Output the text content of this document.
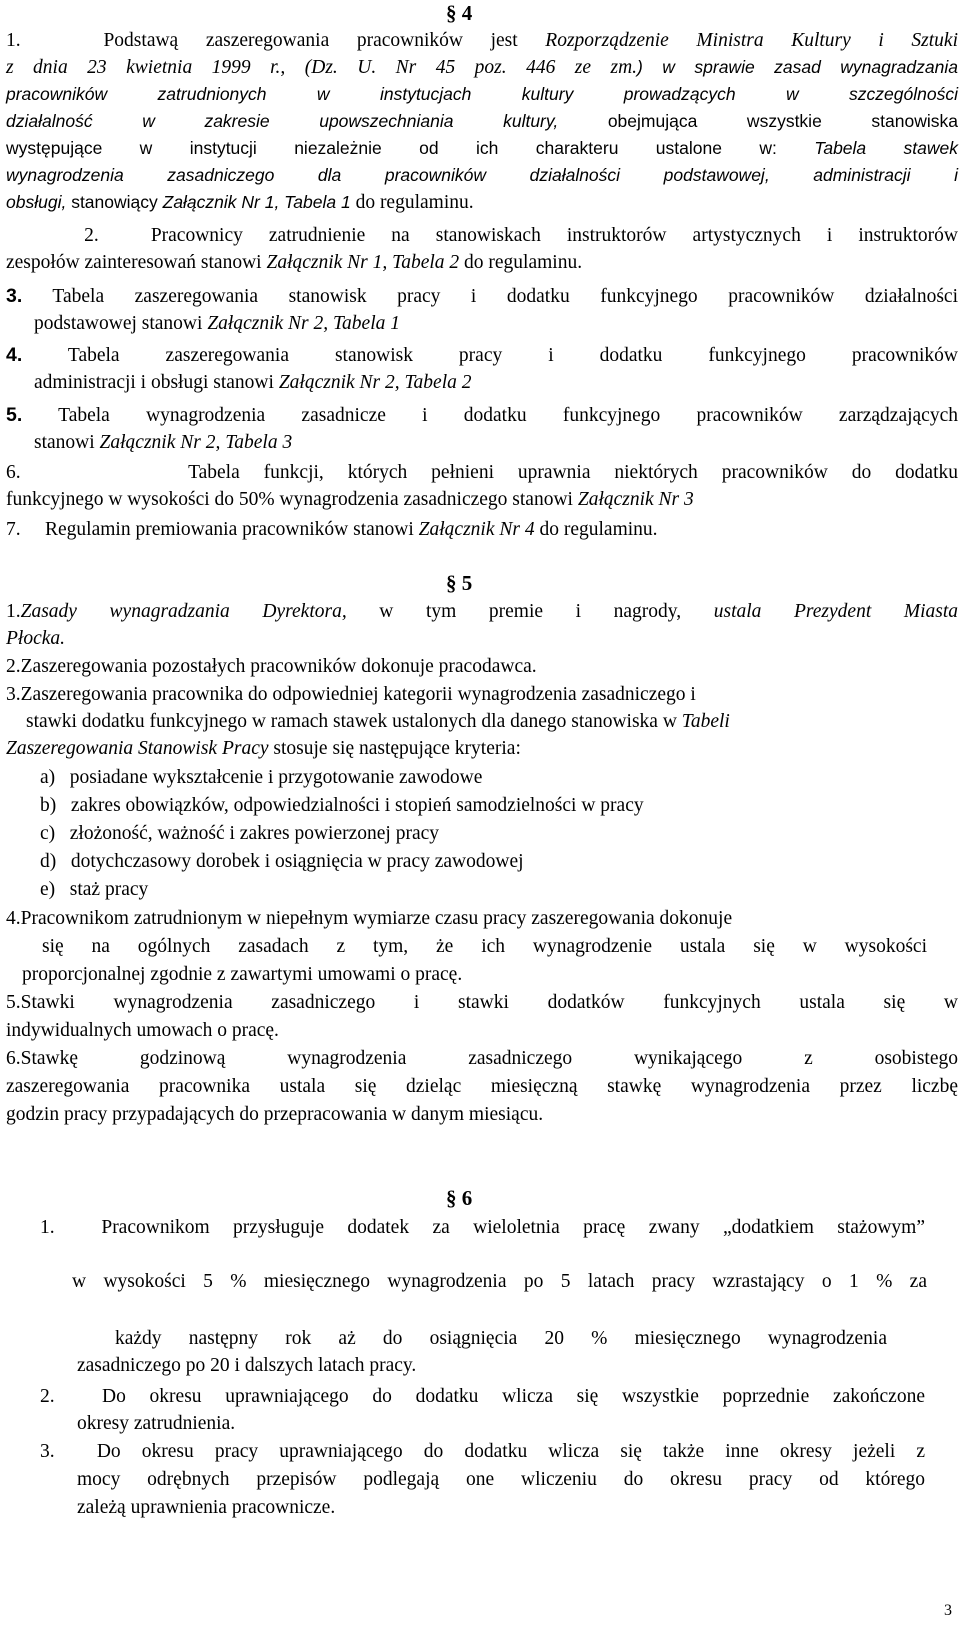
§ 4
1.   Podstawą zaszeregowania pracowników jest Rozporządzenie Ministra Kultury i Sztuki
z dnia 23 kwietnia 1999 r., (Dz. U. Nr 45 poz. 446 ze zm.) w sprawie zasad wynagradzania
pracowników zatrudnionych w instytucjach kultury prowadzących w szczególności
działalność w zakresie upowszechniania kultury, obejmująca wszystkie stanowiska
występujące w instytucji niezależnie od ich charakteru ustalone w: Tabela stawek
wynagrodzenia zasadniczego dla pracowników działalności podstawowej, administracji i
obsługi, stanowiący Załącznik Nr 1, Tabela 1 do regulaminu.
2.  Pracownicy zatrudnienie na stanowiskach instruktorów artystycznych i instruktorów
zespołów zainteresowań stanowi Załącznik Nr 1, Tabela 2 do regulaminu.
3. Tabela zaszeregowania stanowisk pracy i dodatku funkcyjnego pracowników działalności
podstawowej stanowi Załącznik Nr 2, Tabela 1
4. Tabela zaszeregowania stanowisk pracy i dodatku funkcyjnego pracowników
administracji i obsługi stanowi Załącznik Nr 2, Tabela 2
5. Tabela wynagrodzenia zasadnicze i dodatku funkcyjnego pracowników zarządzających
stanowi Załącznik Nr 2, Tabela 3
6.       Tabela funkcji, których pełnieni uprawnia niektórych pracowników do dodatku
funkcyjnego w wysokości do 50% wynagrodzenia zasadniczego stanowi Załącznik Nr 3
7.     Regulamin premiowania pracowników stanowi Załącznik Nr 4 do regulaminu.
§ 5
1.Zasady wynagradzania Dyrektora, w tym premie i nagrody, ustala Prezydent Miasta
Płocka.
2.Zaszeregowania pozostałych pracowników dokonuje pracodawca.
3.Zaszeregowania pracownika do odpowiedniej kategorii wynagrodzenia zasadniczego i
stawki dodatku funkcyjnego w ramach stawek ustalonych dla danego stanowiska w Tabeli
Zaszeregowania Stanowisk Pracy stosuje się następujące kryteria:
a)   posiadane wykształcenie i przygotowanie zawodowe
b)   zakres obowiązków, odpowiedzialności i stopień samodzielności w pracy
c)   złożoność, ważność i zakres powierzonej pracy
d)   dotychczasowy dorobek i osiągnięcia w pracy zawodowej
e)   staż pracy
4.Pracownikom zatrudnionym w niepełnym wymiarze czasu pracy zaszeregowania dokonuje
się na ogólnych zasadach z tym, że ich wynagrodzenie ustala się w wysokości
proporcjonalnej zgodnie z zawartymi umowami o pracę.
5.Stawki wynagrodzenia zasadniczego i stawki dodatków funkcyjnych ustala się w
indywidualnych umowach o pracę.
6.Stawkę godzinową wynagrodzenia zasadniczego wynikającego z osobistego
zaszeregowania pracownika ustala się dzieląc miesięczną stawkę wynagrodzenia przez liczbę
godzin pracy przypadających do przepracowania w danym miesiącu.
§ 6
1.  Pracownikom przysługuje dodatek za wieloletnia pracę zwany „dodatkiem stażowym”
w wysokości 5 % miesięcznego wynagrodzenia po 5 latach pracy wzrastający o 1 % za
każdy następny rok aż do osiągnięcia 20 % miesięcznego wynagrodzenia
zasadniczego po 20 i dalszych latach pracy.
2.  Do okresu uprawniającego do dodatku wlicza się wszystkie poprzednie zakończone
okresy zatrudnienia.
3.  Do okresu pracy uprawniającego do dodatku wlicza się także inne okresy jeżeli z
mocy odrębnych przepisów podlegają one wliczeniu do okresu pracy od którego
zależą uprawnienia pracownicze.
3
